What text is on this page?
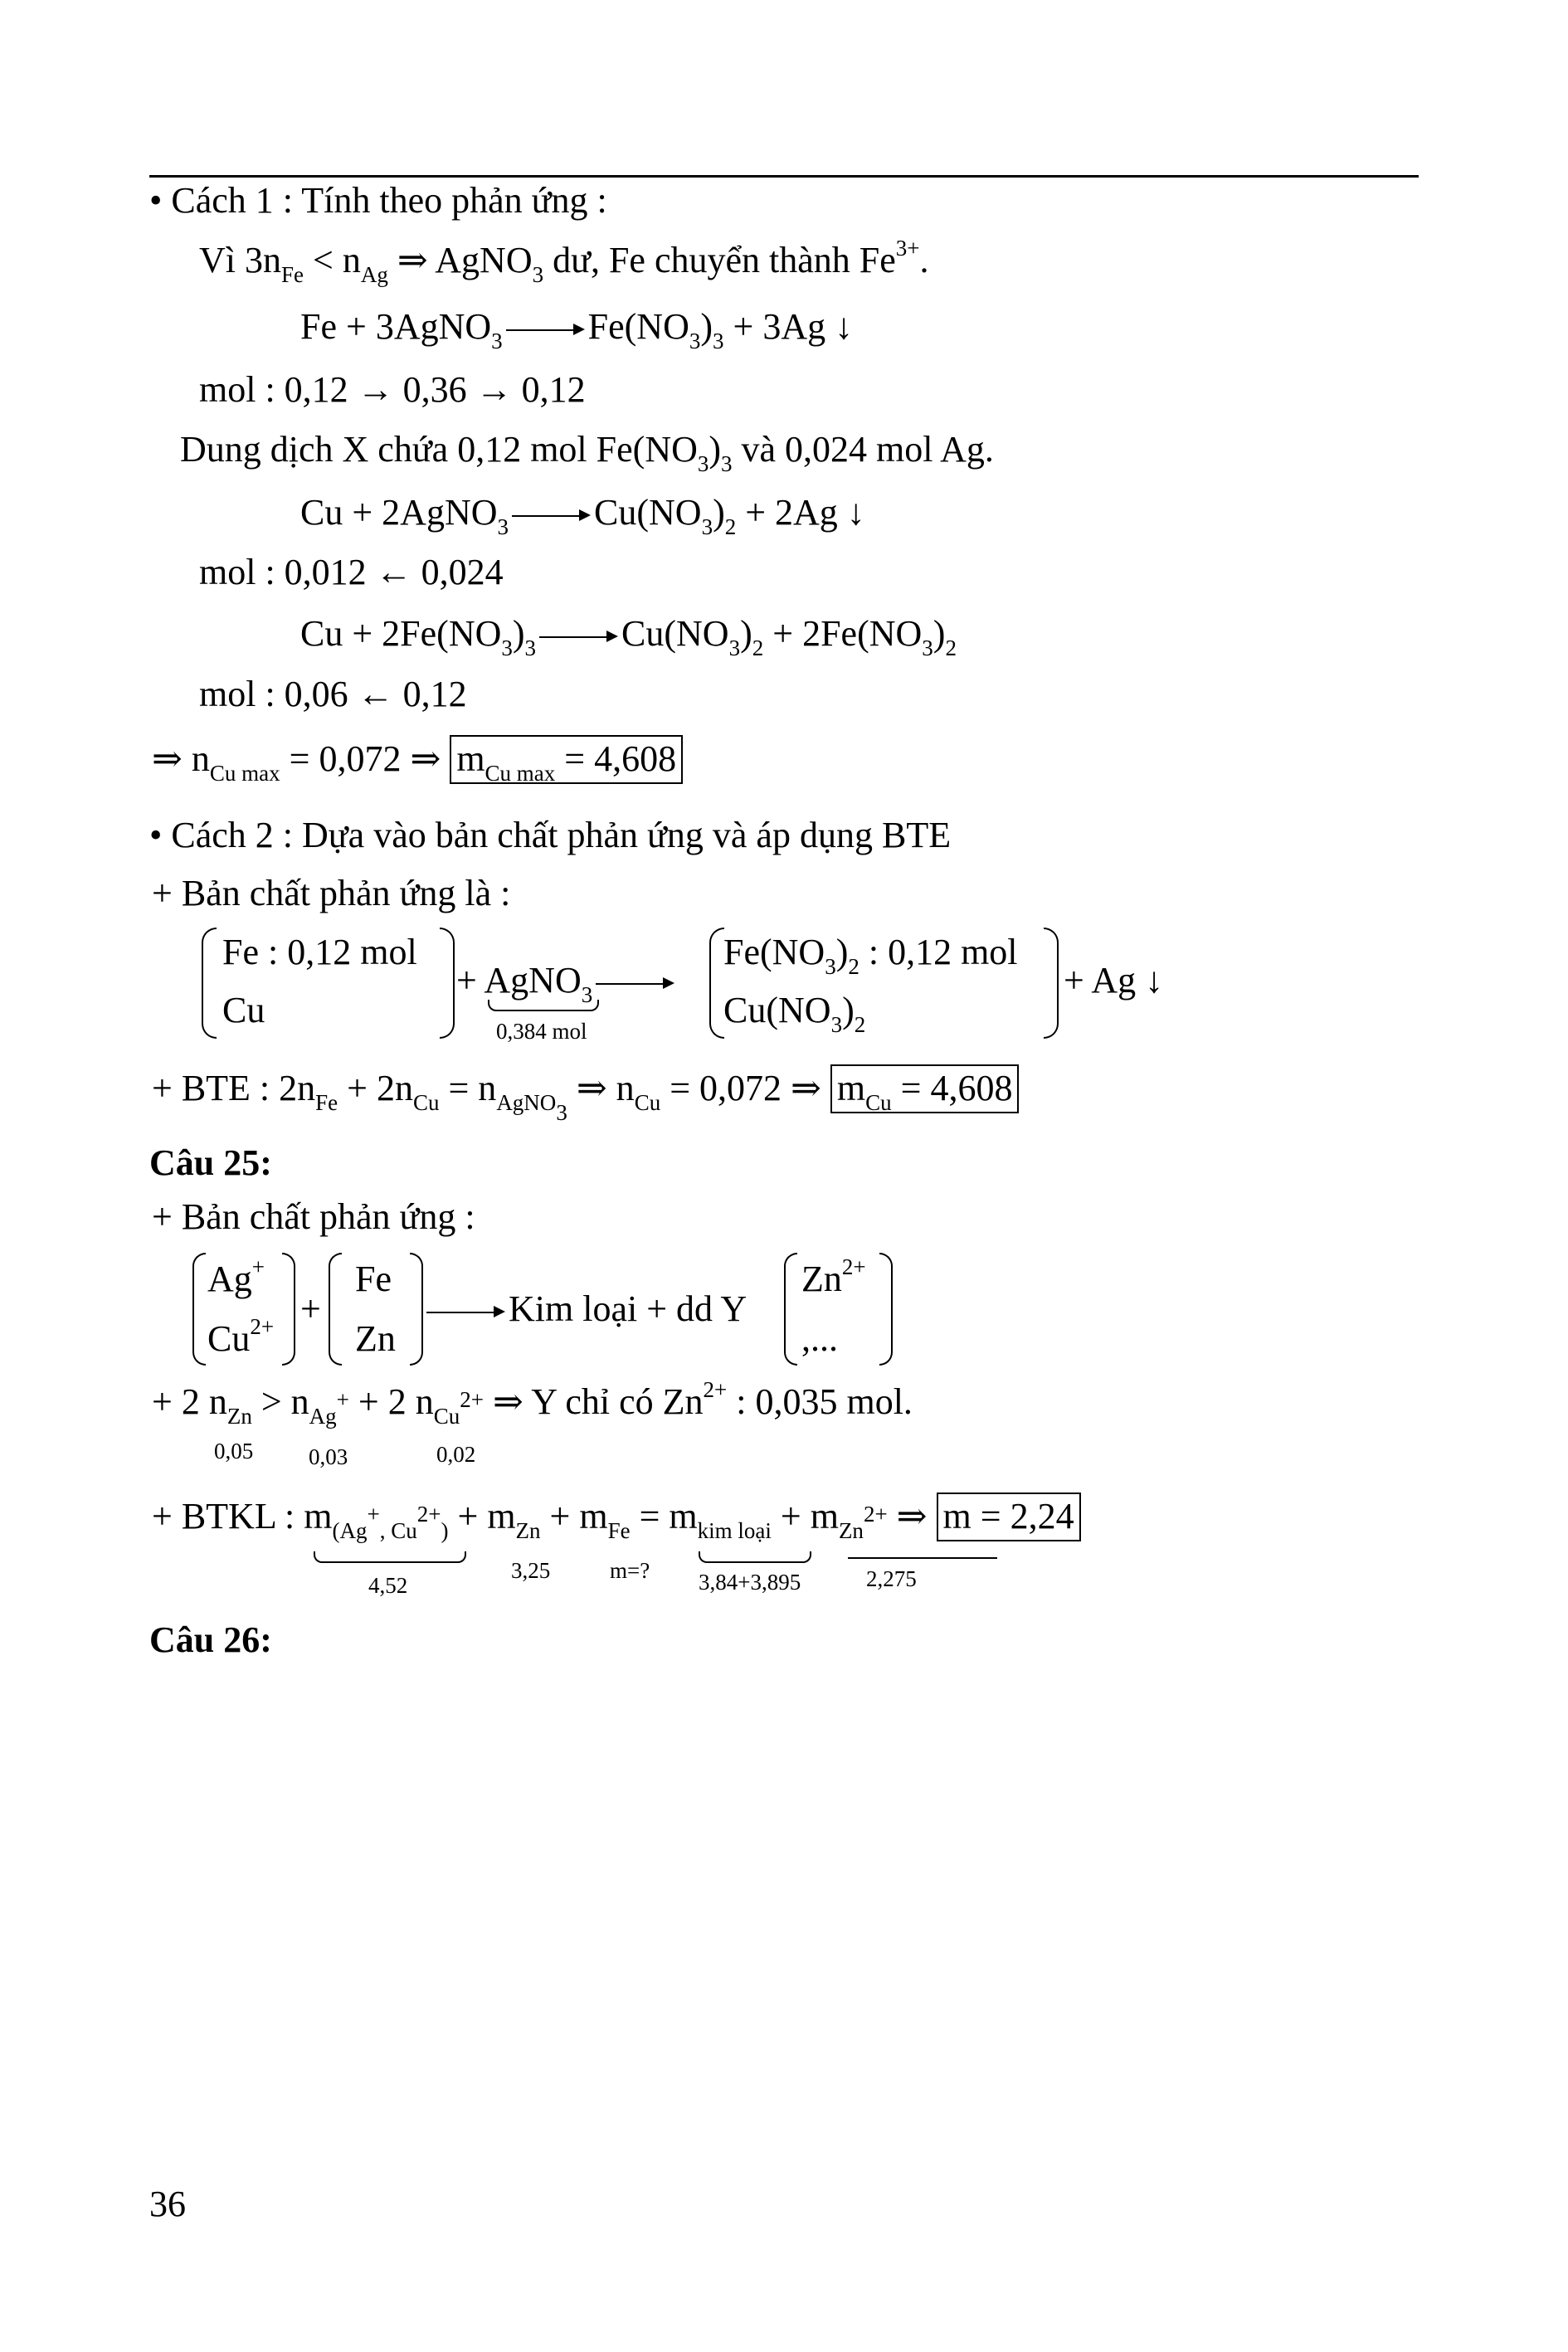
• Cách 1 : Tính theo phản ứng :
Vì $3n_{Fe} < n_{Ag}$ ⇒ AgNO$_3$ dư, Fe chuyển thành $Fe^{3+}$.
Fe + 3AgNO$_3$ $Fe(NO_3)_3 + 3Ag$ ↓
mol : 0,12 → 0,36 → 0,12
Dung dịch X chứa 0,12 mol $Fe(NO_3)_3$ và 0,024 mol Ag.
Cu + 2AgNO$_3$ $Cu(NO_3)_2 + 2Ag$ ↓
mol : 0,012 ← 0,024
$Cu + 2Fe(NO_3)_3$ $Cu(NO_3)_2 + 2Fe(NO_3)_2$
mol : 0,06 ← 0,12
⇒ $n_{Cu max} = 0,072$ ⇒ $m_{Cu max} = 4,608$
• Cách 2 : Dựa vào bản chất phản ứng và áp dụng BTE
+ Bản chất phản ứng là :
Fe : 0,12 mol
Cu
+ AgNO$_3$
0,384 mol
$Fe(NO_3)_2$ : 0,12 mol
$Cu(NO_3)_2$
+ Ag ↓
+ BTE : $2n_{Fe} + 2n_{Cu} = n_{AgNO_3}$ ⇒ $n_{Cu} = 0,072$ ⇒ $m_{Cu} = 4,608$
Câu 25:
+ Bản chất phản ứng :
Ag+
$Cu^{2+}$ +
Fe
Zn
Kim loại + dd Y
$Zn^{2+}$
,...
+ 2 $n_{Zn} > n_{Ag^+} + 2$ $n_{Cu^{2+}}$ ⇒ Y chỉ có $Zn^{2+}$ : 0,035 mol.
0,05 0,03	0,02
+ BTKL : $m_{(Ag^+, Cu^{2+})} + m_{Zn} + m_{Fe} = m_{kim loại} + m_{Zn^{2+}}$ ⇒ m = 2,24
4,52
3,25	m=? 3,84+3,895	2,275
Câu 26:
36
